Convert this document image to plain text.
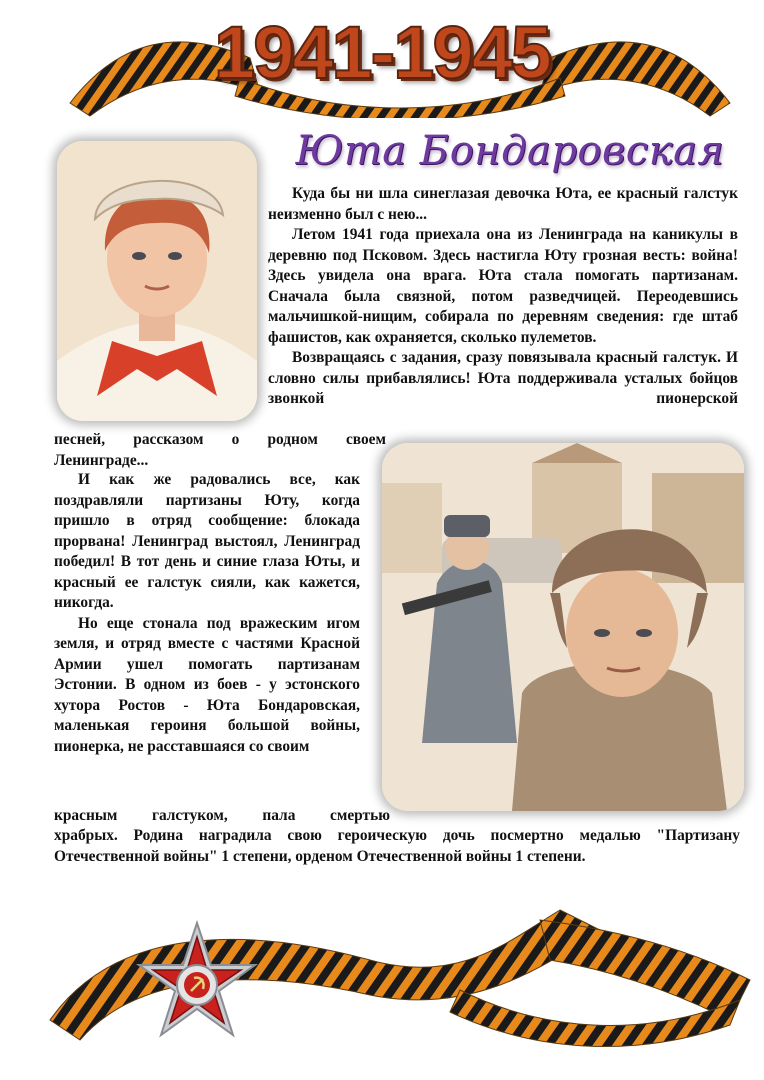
1941-1945
Юта Бондаровская

Куда бы ни шла синеглазая девочка Юта, ее красный галстук неизменно был с нею...

Летом 1941 года приехала она из Ленинграда на каникулы в деревню под Псковом. Здесь настигла Юту грозная весть: война! Здесь увидела она врага. Юта стала помогать партизанам. Сначала была связной, потом разведчицей. Переодевшись мальчишкой-нищим, собирала по деревням сведения: где штаб фашистов, как охраняется, сколько пулеметов.

Возвращаясь с задания, сразу повязывала красный галстук. И словно силы прибавлялись! Юта поддерживала усталых бойцов звонкой пионерской

песней, рассказом о родном своем Ленинграде...

И как же радовались все, как поздравляли партизаны Юту, когда пришло в отряд сообщение: блокада прорвана! Ленинград выстоял, Ленинград победил! В тот день и синие глаза Юты, и красный ее галстук сияли, как кажется, никогда.

Но еще стонала под вражеским игом земля, и отряд вместе с частями Красной Армии ушел помогать партизанам Эстонии. В одном из боев - у эстонского хутора Ростов - Юта Бондаровская, маленькая героиня большой войны, пионерка, не расставшаяся со своим

красным галстуком, пала смертью

храбрых. Родина наградила свою героическую дочь посмертно медалью "Партизану Отечественной войны" 1 степени, орденом Отечественной войны 1 степени.
